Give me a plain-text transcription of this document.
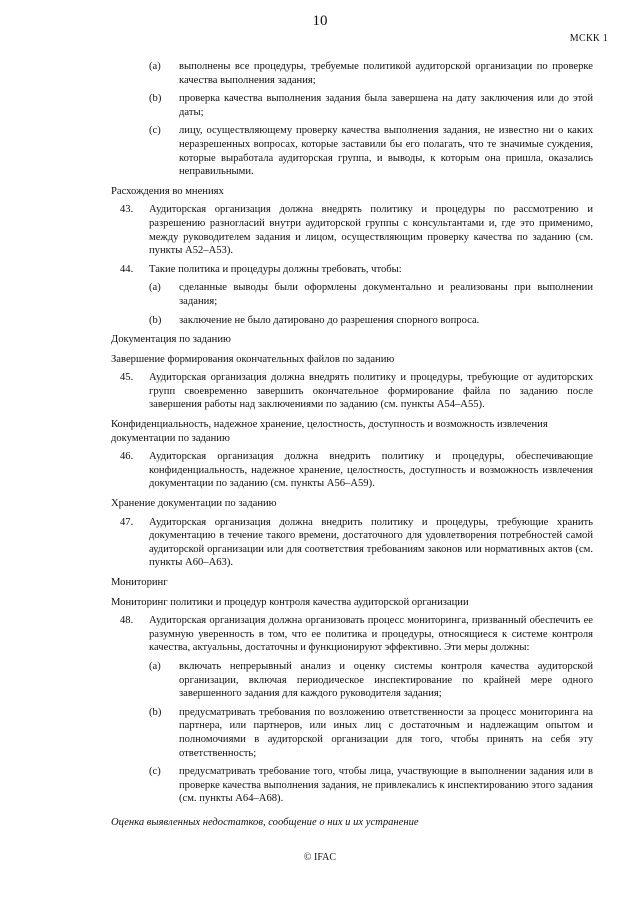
10
МСКК 1
(a) выполнены все процедуры, требуемые политикой аудиторской организации по проверке качества выполнения задания;
(b) проверка качества выполнения задания была завершена на дату заключения или до этой даты;
(c) лицу, осуществляющему проверку качества выполнения задания, не известно ни о каких неразрешенных вопросах, которые заставили бы его полагать, что те значимые суждения, которые выработала аудиторская группа, и выводы, к которым она пришла, оказались неправильными.
Расхождения во мнениях
43. Аудиторская организация должна внедрять политику и процедуры по рассмотрению и разрешению разногласий внутри аудиторской группы с консультантами и, где это применимо, между руководителем задания и лицом, осуществляющим проверку качества по заданию (см. пункты А52–А53).
44. Такие политика и процедуры должны требовать, чтобы:
(a) сделанные выводы были оформлены документально и реализованы при выполнении задания;
(b) заключение не было датировано до разрешения спорного вопроса.
Документация по заданию
Завершение формирования окончательных файлов по заданию
45. Аудиторская организация должна внедрять политику и процедуры, требующие от аудиторских групп своевременно завершить окончательное формирование файла по заданию после завершения работы над заключениями по заданию (см. пункты А54–А55).
Конфиденциальность, надежное хранение, целостность, доступность и возможность извлечения документации по заданию
46. Аудиторская организация должна внедрить политику и процедуры, обеспечивающие конфиденциальность, надежное хранение, целостность, доступность и возможность извлечения документации по заданию (см. пункты А56–А59).
Хранение документации по заданию
47. Аудиторская организация должна внедрить политику и процедуры, требующие хранить документацию в течение такого времени, достаточного для удовлетворения потребностей самой аудиторской организации или для соответствия требованиям законов или нормативных актов (см. пункты А60–А63).
Мониторинг
Мониторинг политики и процедур контроля качества аудиторской организации
48. Аудиторская организация должна организовать процесс мониторинга, призванный обеспечить ее разумную уверенность в том, что ее политика и процедуры, относящиеся к системе контроля качества, актуальны, достаточны и функционируют эффективно. Эти меры должны:
(a) включать непрерывный анализ и оценку системы контроля качества аудиторской организации, включая периодическое инспектирование по крайней мере одного завершенного задания для каждого руководителя задания;
(b) предусматривать требования по возложению ответственности за процесс мониторинга на партнера, или партнеров, или иных лиц с достаточным и надлежащим опытом и полномочиями в аудиторской организации для того, чтобы принять на себя эту ответственность;
(c) предусматривать требование того, чтобы лица, участвующие в выполнении задания или в проверке качества выполнения задания, не привлекались к инспектированию этого задания (см. пункты А64–А68).
Оценка выявленных недостатков, сообщение о них и их устранение
© IFAC
